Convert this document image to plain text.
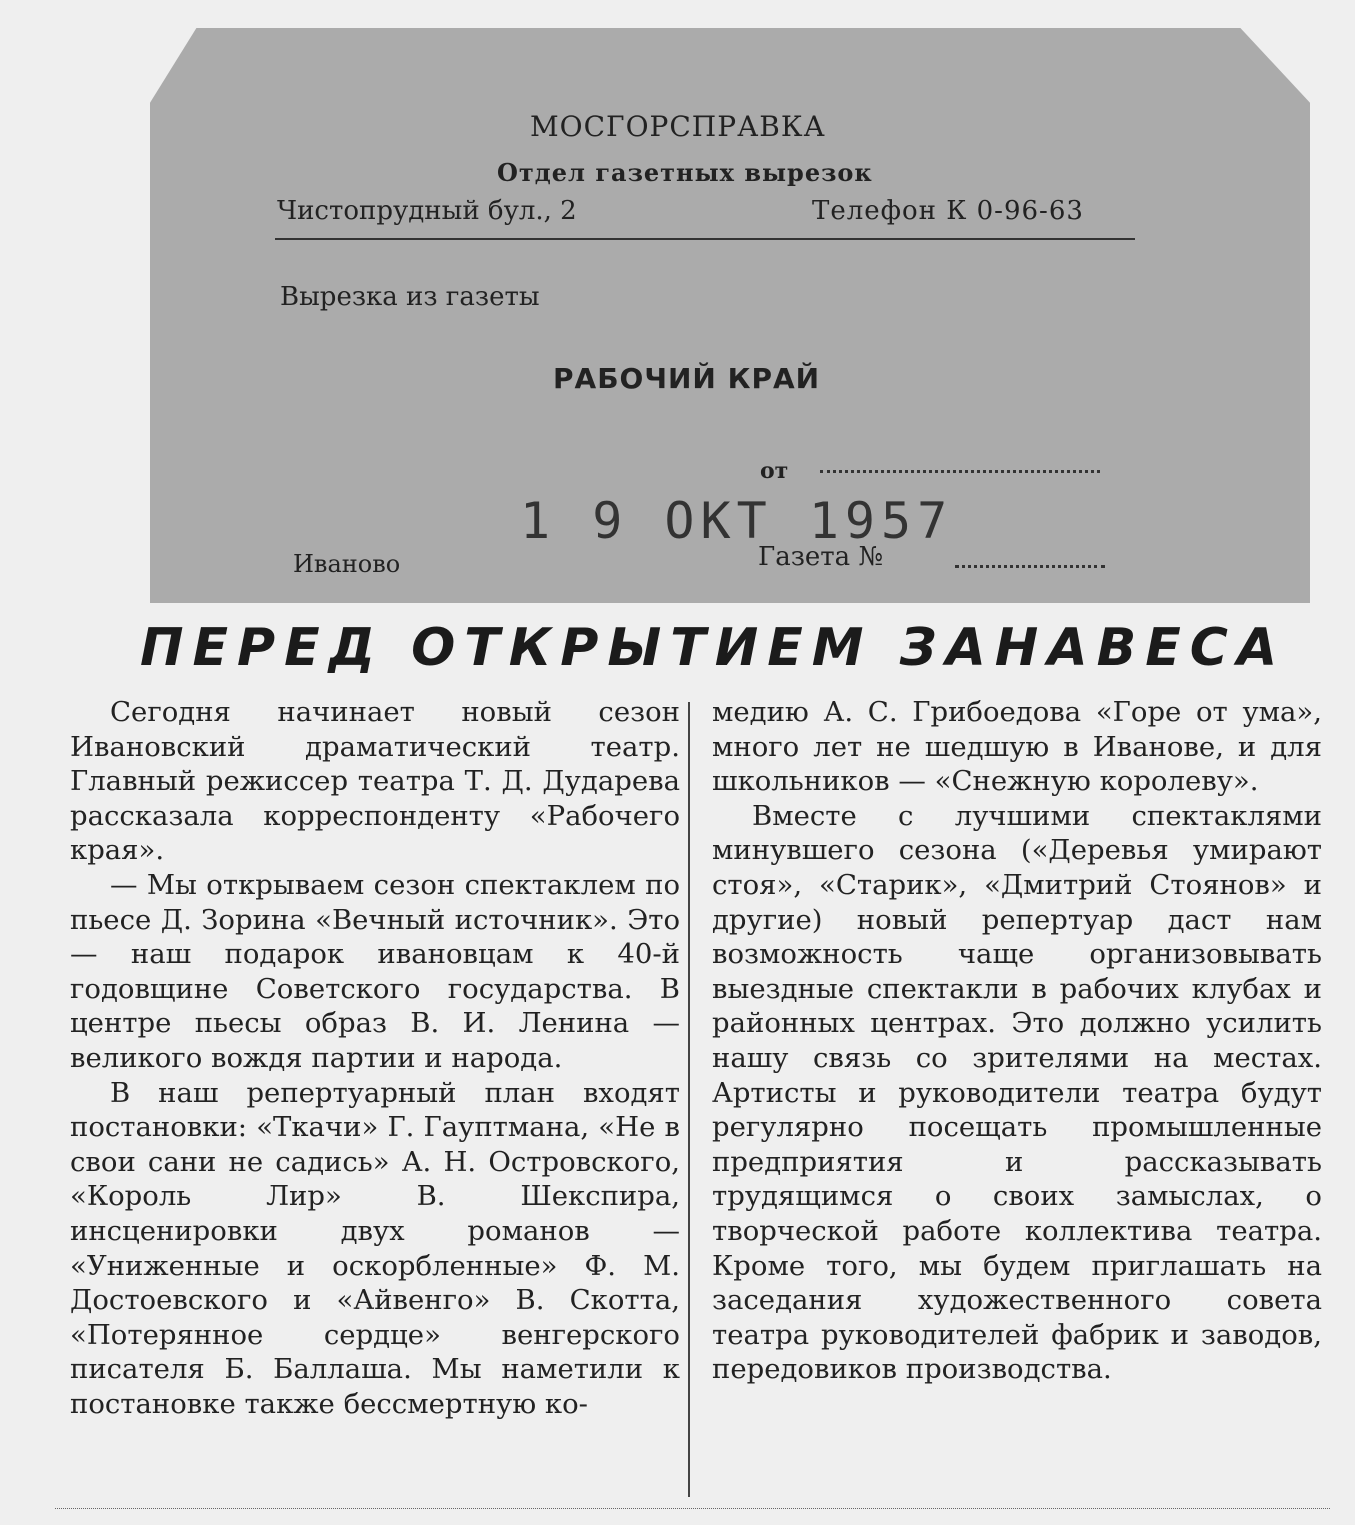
МОСГОРСПРАВКА
Отдел газетных вырезок
Чистопрудный бул., 2	Телефон К 0-96-63
Вырезка из газеты
РАБОЧИЙ КРАЙ
от
1 9 ОКТ 1957
Иваново	Газета №
ПЕРЕД ОТКРЫТИЕМ ЗАНАВЕСА

Сегодня начинает новый сезон Ивановский драматический театр. Главный режиссер театра Т. Д. Дударева рассказала корреспонденту «Рабочего края».

— Мы открываем сезон спектаклем по пьесе Д. Зорина «Вечный источник». Это — наш подарок ивановцам к 40-й годовщине Советского государства. В центре пьесы образ В. И. Ленина — великого вождя партии и народа.

В наш репертуарный план входят постановки: «Ткачи» Г. Гауптмана, «Не в свои сани не садись» А. Н. Островского, «Король Лир» В. Шекспира, инсценировки двух романов — «Униженные и оскорбленные» Ф. М. Достоевского и «Айвенго» В. Скотта, «Потерянное сердце» венгерского писателя Б. Баллаша. Мы наметили к постановке также бессмертную ко-

медию А. С. Грибоедова «Горе от ума», много лет не шедшую в Иванове, и для школьников — «Снежную королеву».

Вместе с лучшими спектаклями минувшего сезона («Деревья умирают стоя», «Старик», «Дмитрий Стоянов» и другие) новый репертуар даст нам возможность чаще организовывать выездные спектакли в рабочих клубах и районных центрах. Это должно усилить нашу связь со зрителями на местах. Артисты и руководители театра будут регулярно посещать промышленные предприятия и рассказывать трудящимся о своих замыслах, о творческой работе коллектива театра. Кроме того, мы будем приглашать на заседания художественного совета театра руководителей фабрик и заводов, передовиков производства.
